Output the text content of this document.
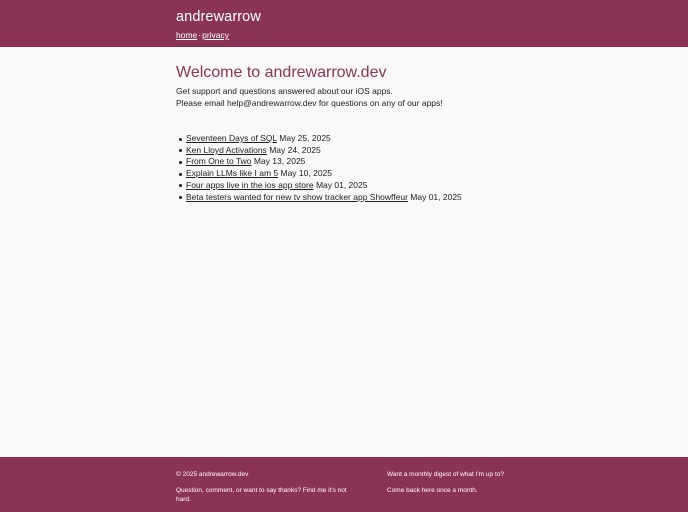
andrewarrow
home·privacy
Welcome to andrewarrow.dev

Get support and questions answered about our iOS apps.

Please email help@andrewarrow.dev for questions on any of our apps!

Seventeen Days of SQL May 25, 2025
Ken Lloyd Activations May 24, 2025
From One to Two May 13, 2025
Explain LLMs like I am 5 May 10, 2025
Four apps live in the ios app store May 01, 2025
Beta testers wanted for new tv show tracker app Showffeur May 01, 2025

© 2025 andrewarrow.dev

Question, comment, or want to say thanks? Find me it's not hard.

Want a monthly digest of what I'm up to?

Come back here once a month.
